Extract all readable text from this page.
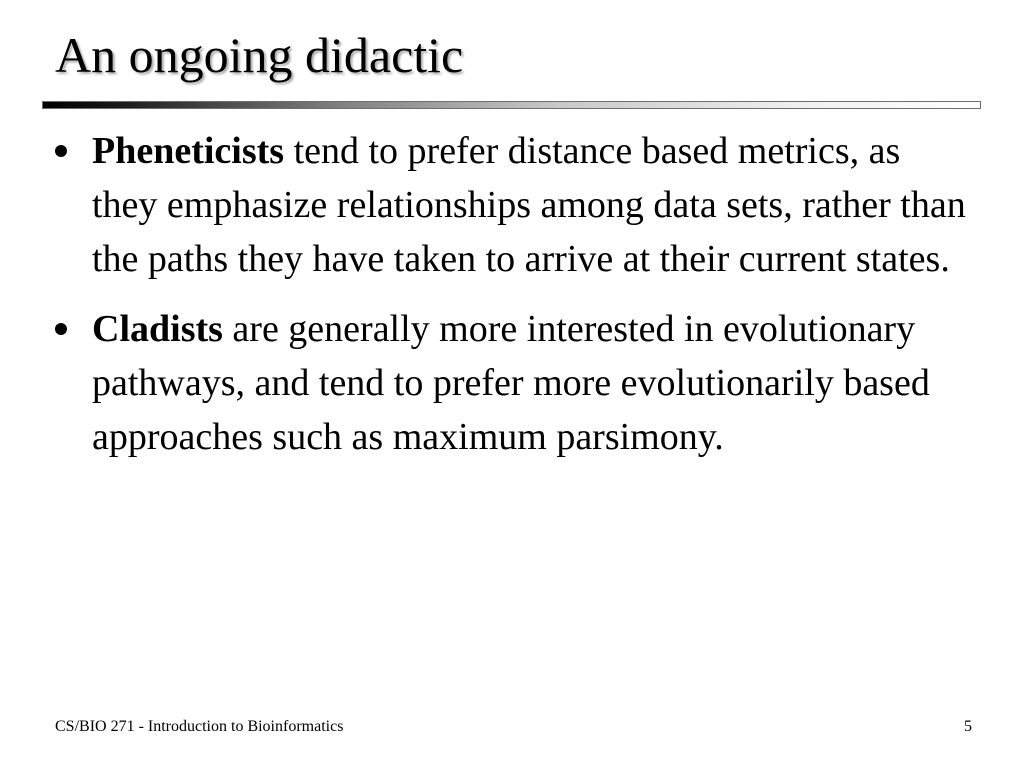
An ongoing didactic
Pheneticists tend to prefer distance based metrics, as they emphasize relationships among data sets, rather than the paths they have taken to arrive at their current states.
Cladists are generally more interested in evolutionary pathways, and tend to prefer more evolutionarily based approaches such as maximum parsimony.
CS/BIO 271 - Introduction to Bioinformatics	5
